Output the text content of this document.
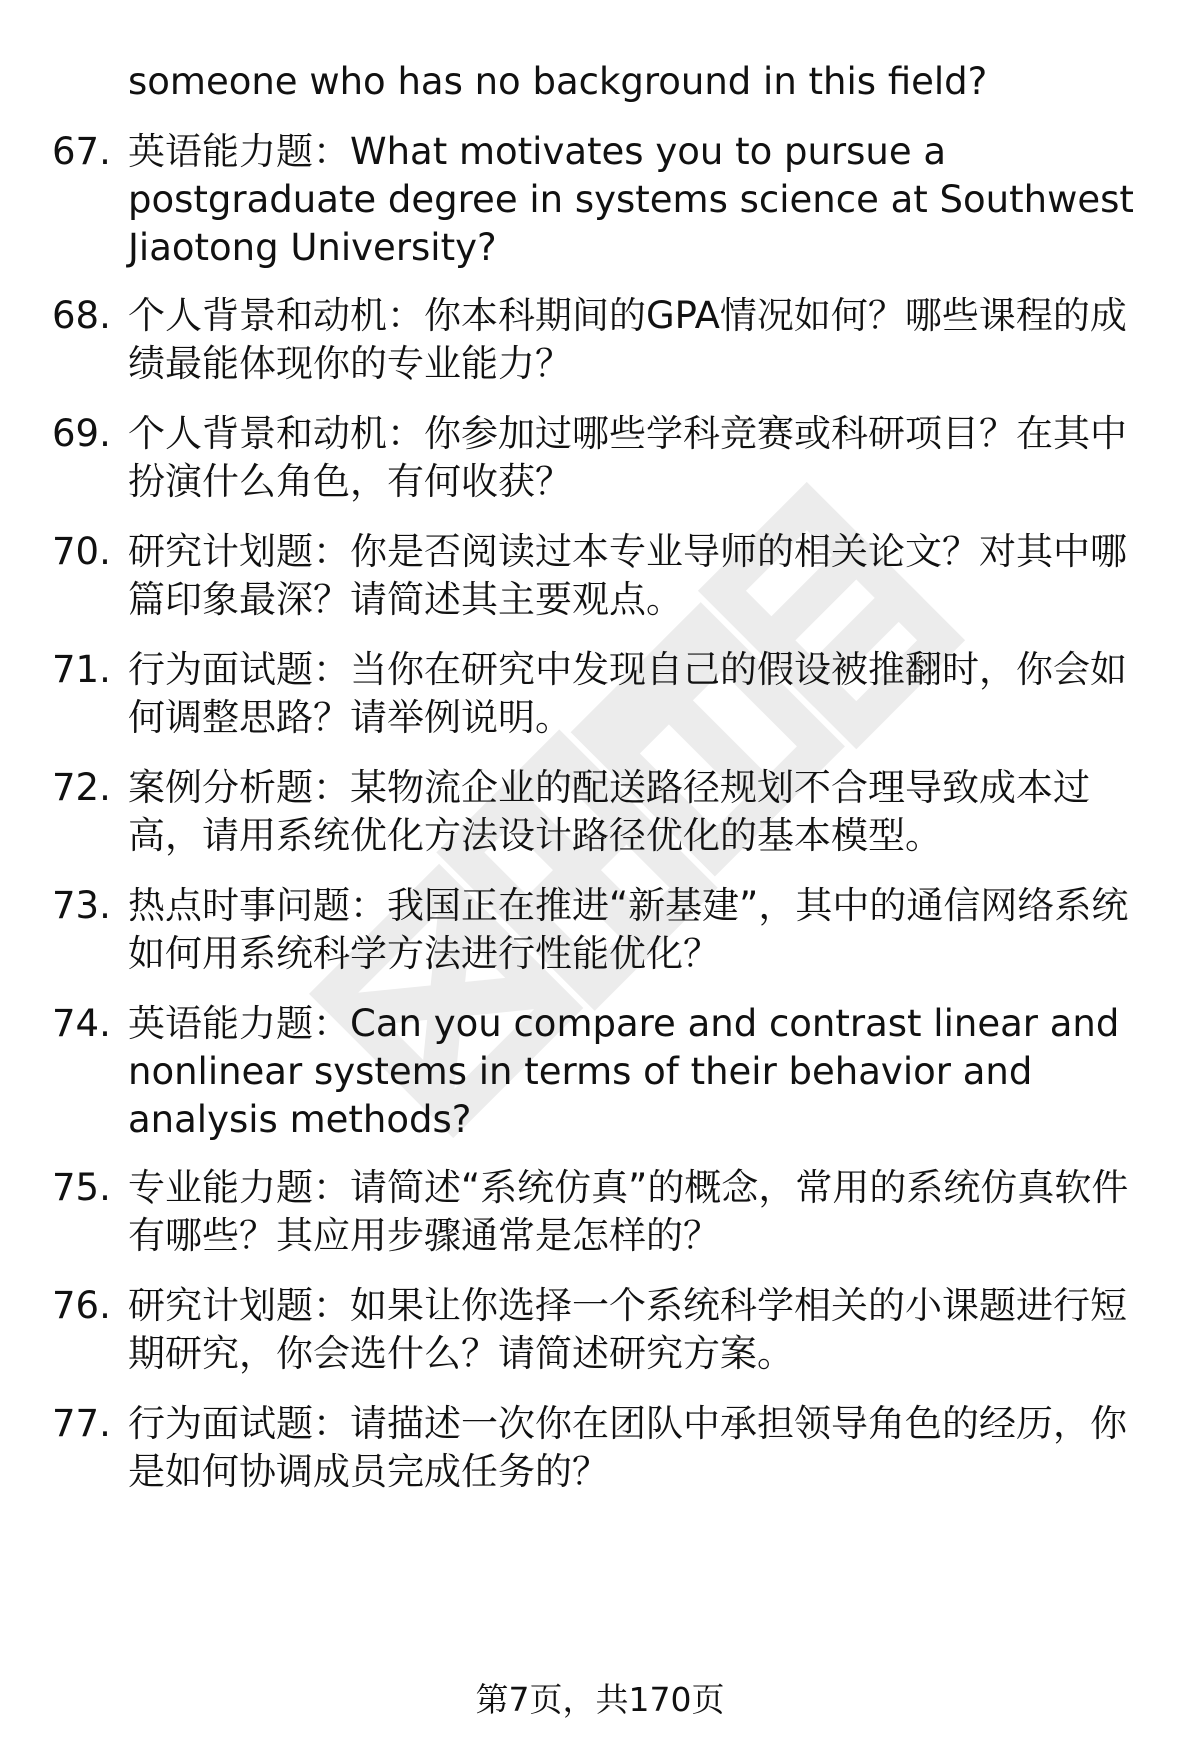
someone who has no background in this field?
67. 英语能力题：What motivates you to pursue a postgraduate degree in systems science at Southwest Jiaotong University?
68. 个人背景和动机：你本科期间的GPA情况如何？哪些课程的成绩最能体现你的专业能力？
69. 个人背景和动机：你参加过哪些学科竞赛或科研项目？在其中扮演什么角色，有何收获？
70. 研究计划题：你是否阅读过本专业导师的相关论文？对其中哪篇印象最深？请简述其主要观点。
71. 行为面试题：当你在研究中发现自己的假设被推翻时，你会如何调整思路？请举例说明。
72. 案例分析题：某物流企业的配送路径规划不合理导致成本过高，请用系统优化方法设计路径优化的基本模型。
73. 热点时事问题：我国正在推进“新基建”，其中的通信网络系统如何用系统科学方法进行性能优化？
74. 英语能力题：Can you compare and contrast linear and nonlinear systems in terms of their behavior and analysis methods?
75. 专业能力题：请简述“系统仿真”的概念，常用的系统仿真软件有哪些？其应用步骤通常是怎样的？
76. 研究计划题：如果让你选择一个系统科学相关的小课题进行短期研究，你会选什么？请简述研究方案。
77. 行为面试题：请描述一次你在团队中承担领导角色的经历，你是如何协调成员完成任务的？
第7页，共170页
